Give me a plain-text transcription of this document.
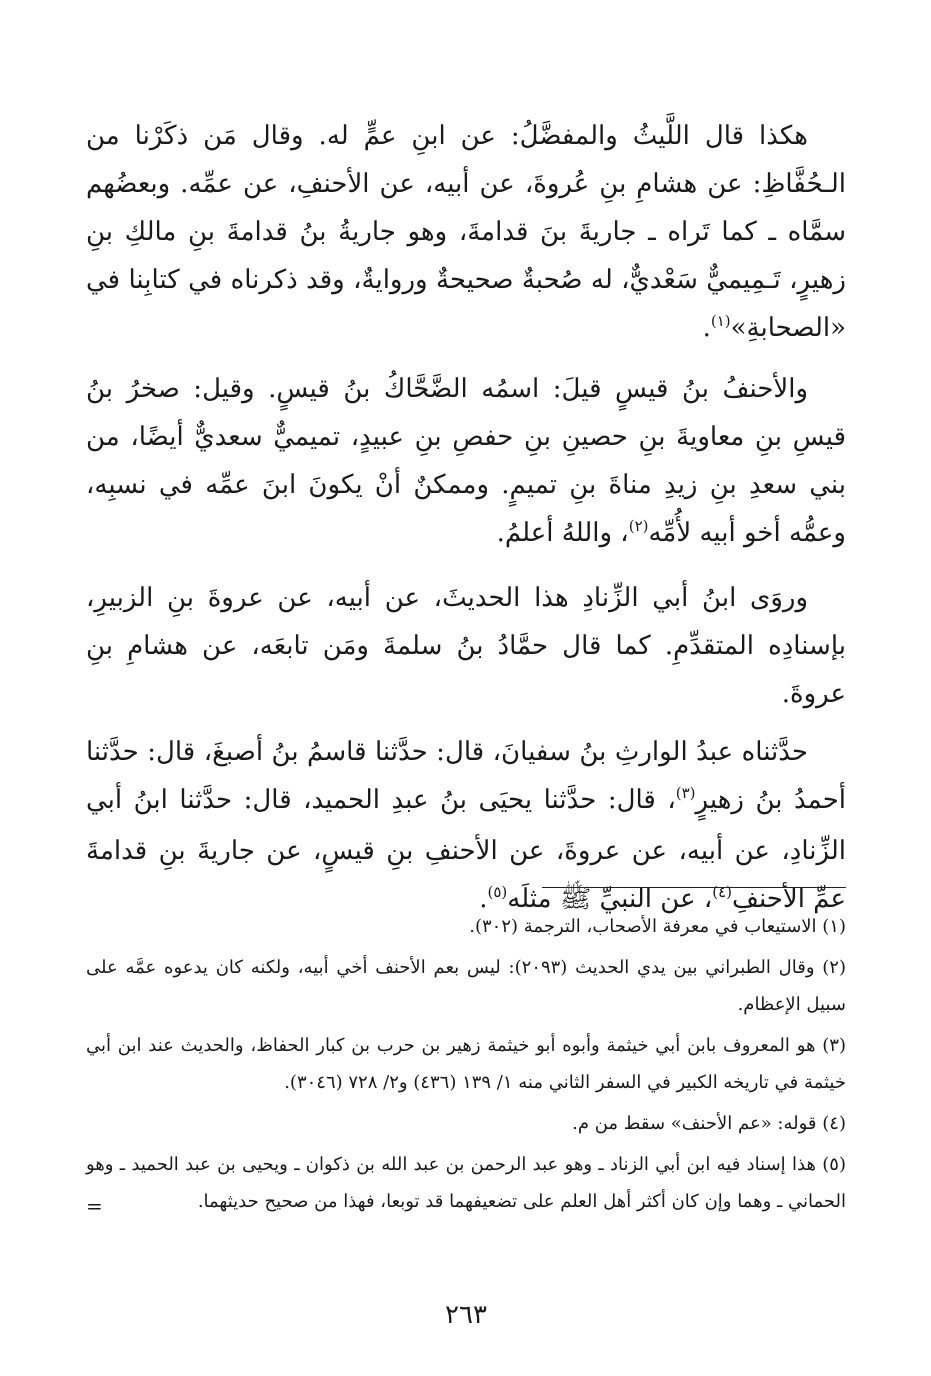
هكذا قال اللَّيثُ والمفضَّلُ: عن ابنِ عمٍّ له. وقال مَن ذكَرْنا من الـحُفَّاظِ: عن هشامِ بنِ عُروةَ، عن أبيه، عن الأحنفِ، عن عمِّه. وبعضُهم سمَّاه ـ كما تَراه ـ جاريةَ بنَ قدامةَ، وهو جاريةُ بنُ قدامةَ بنِ مالكِ بنِ زهيرٍ، تَـمِيميٌّ سَعْديٌّ، له صُحبةٌ صحيحةٌ وروايةٌ، وقد ذكرناه في كتابِنا في «الصحابةِ»$^{(١)}$.

والأحنفُ بنُ قيسٍ قيلَ: اسمُه الضَّحَّاكُ بنُ قيسٍ. وقيل: صخرُ بنُ قيسِ بنِ معاويةَ بنِ حصينِ بنِ حفصِ بنِ عبيدٍ، تميميٌّ سعديٌّ أيضًا، من بني سعدِ بنِ زيدِ مناةَ بنِ تميمٍ. وممكنٌ أنْ يكونَ ابنَ عمِّه في نسبِه، وعمُّه أخو أبيه لأُمِّه$^{(٢)}$، واللهُ أعلمُ.

وروَى ابنُ أبي الزِّنادِ هذا الحديثَ، عن أبيه، عن عروةَ بنِ الزبيرِ، بإسنادِه المتقدِّمِ. كما قال حمَّادُ بنُ سلمةَ ومَن تابعَه، عن هشامِ بنِ عروةَ.

حدَّثناه عبدُ الوارثِ بنُ سفيانَ، قال: حدَّثنا قاسمُ بنُ أصبغَ، قال: حدَّثنا أحمدُ بنُ زهيرٍ$^{(٣)}$، قال: حدَّثنا يحيَى بنُ عبدِ الحميد، قال: حدَّثنا ابنُ أبي الزِّنادِ، عن أبيه، عن عروةَ، عن الأحنفِ بنِ قيسٍ، عن جاريةَ بنِ قدامةَ عمِّ الأحنفِ$^{(٤)}$، عن النبيِّ ﷺ مثلَه$^{(٥)}$.

(١) الاستيعاب في معرفة الأصحاب، الترجمة (٣٠٢).

(٢) وقال الطبراني بين يدي الحديث (٢٠٩٣): ليس بعم الأحنف أخي أبيه، ولكنه كان يدعوه عمَّه على سبيل الإعظام.

(٣) هو المعروف بابن أبي خيثمة وأبوه أبو خيثمة زهير بن حرب بن كبار الحفاظ، والحديث عند ابن أبي خيثمة في تاريخه الكبير في السفر الثاني منه ١/ ١٣٩ (٤٣٦) و٢/ ٧٢٨ (٣٠٤٦).

(٤) قوله: «عم الأحنف» سقط من م.

(٥) هذا إسناد فيه ابن أبي الزناد ـ وهو عبد الرحمن بن عبد الله بن ذكوان ـ ويحيى بن عبد الحميد ـ وهو الحماني ـ وهما وإن كان أكثر أهل العلم على تضعيفهما قد توبعا، فهذا من صحيح حديثهما.

=
٢٦٣
